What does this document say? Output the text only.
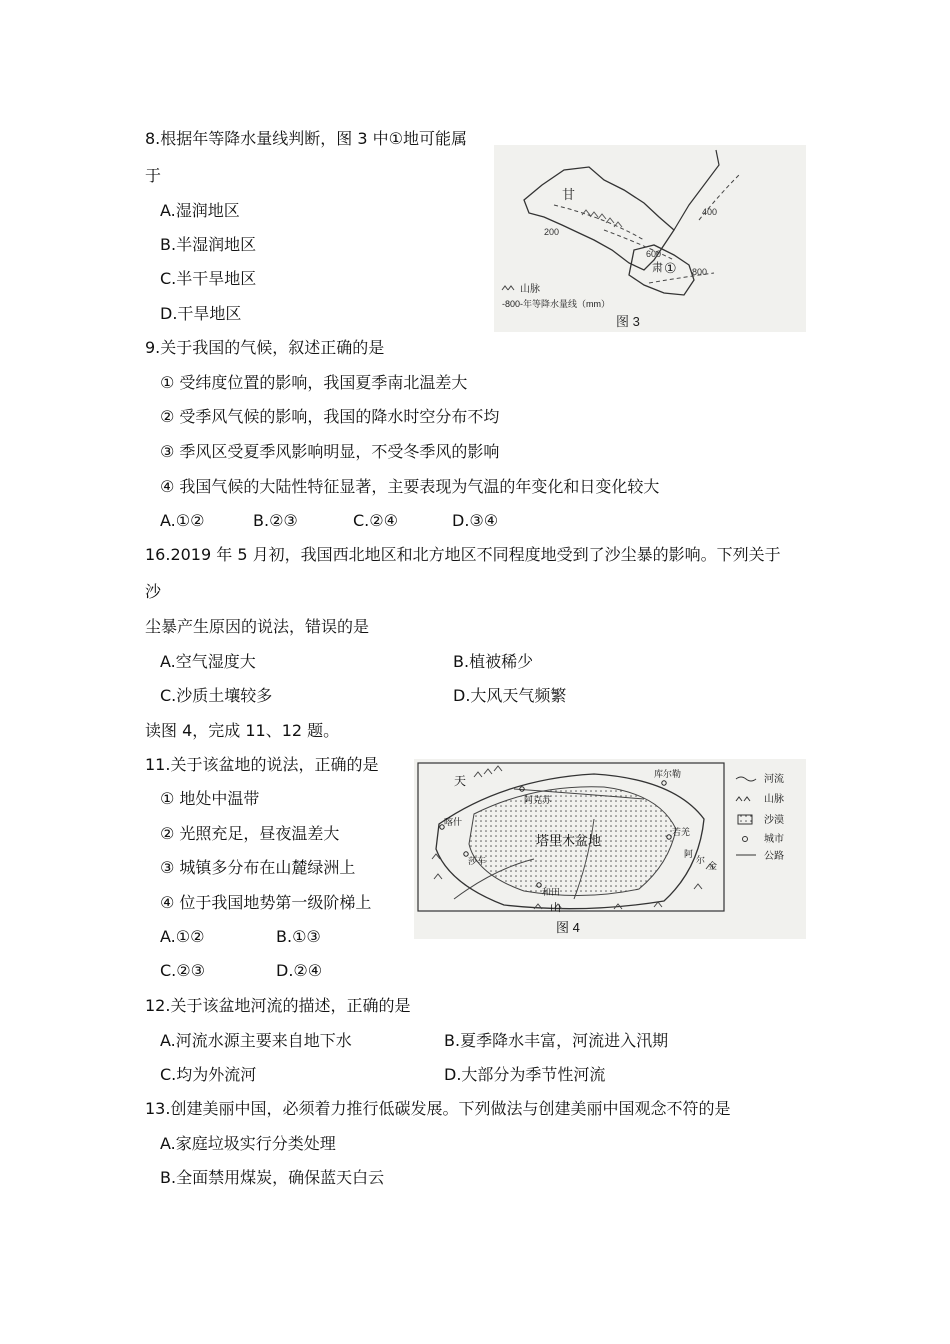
8.根据年等降水量线判断，图 3 中①地可能属
于
A.湿润地区
B.半湿润地区
C.半干旱地区
D.干旱地区
甘
肃 ①
200
400
600
800
山脉
-800-年等降水量线（mm）
图 3
9.关于我国的气候，叙述正确的是
① 受纬度位置的影响，我国夏季南北温差大
② 受季风气候的影响，我国的降水时空分布不均
③ 季风区受夏季风影响明显，不受冬季风的影响
④ 我国气候的大陆性特征显著，主要表现为气温的年变化和日变化较大
A.①②	B.②③	C.②④	D.③④
16.2019 年 5 月初，我国西北地区和北方地区不同程度地受到了沙尘暴的影响。下列关于
沙
尘暴产生原因的说法，错误的是
A.空气湿度大	B.植被稀少
C.沙质土壤较多	D.大风天气频繁
读图 4，完成 11、12 题。
11.关于该盆地的说法，正确的是
① 地处中温带
② 光照充足，昼夜温差大
③ 城镇多分布在山麓绿洲上
④ 位于我国地势第一级阶梯上
A.①②	B.①③
C.②③	D.②④
塔里木盆地
天
山
阿克苏
库尔勒
喀什
莎车
和田
若羌
阿
尔
金
河流
山脉
沙漠
城市
公路
图 4
12.关于该盆地河流的描述，正确的是
A.河流水源主要来自地下水	B.夏季降水丰富，河流进入汛期
C.均为外流河	D.大部分为季节性河流
13.创建美丽中国，必须着力推行低碳发展。下列做法与创建美丽中国观念不符的是
A.家庭垃圾实行分类处理
B.全面禁用煤炭，确保蓝天白云
